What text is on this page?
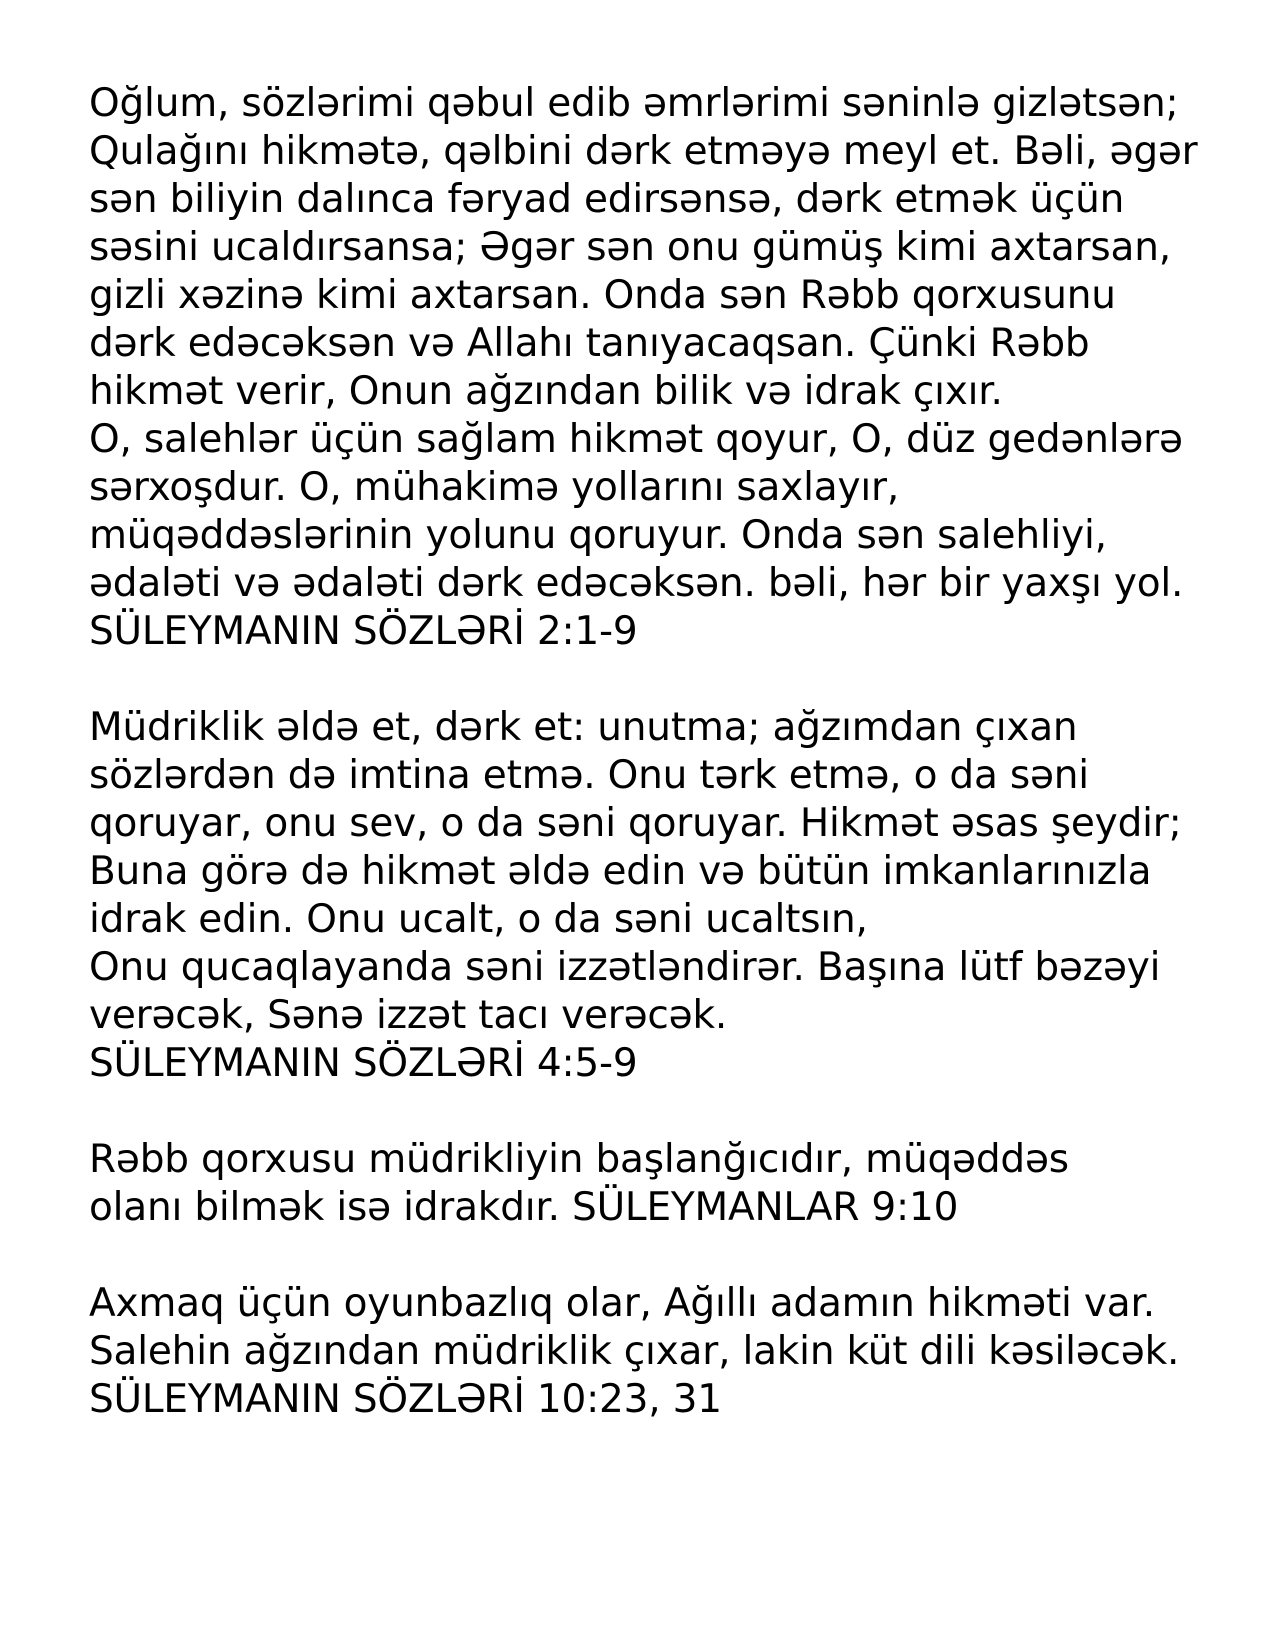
Oğlum, sözlərimi qəbul edib əmrlərimi səninlə gizlətsən;
Qulağını hikmətə, qəlbini dərk etməyə meyl et. Bəli, əgər
sən biliyin dalınca fəryad edirsənsə, dərk etmək üçün
səsini ucaldırsansa; Əgər sən onu gümüş kimi axtarsan,
gizli xəzinə kimi axtarsan. Onda sən Rəbb qorxusunu
dərk edəcəksən və Allahı tanıyacaqsan. Çünki Rəbb
hikmət verir, Onun ağzından bilik və idrak çıxır.
O, salehlər üçün sağlam hikmət qoyur, O, düz gedənlərə
sərxoşdur. O, mühakimə yollarını saxlayır,
müqəddəslərinin yolunu qoruyur. Onda sən salehliyi,
ədaləti və ədaləti dərk edəcəksən. bəli, hər bir yaxşı yol.
SÜLEYMANIN SÖZLƏRİ 2:1-9
Müdriklik əldə et, dərk et: unutma; ağzımdan çıxan
sözlərdən də imtina etmə. Onu tərk etmə, o da səni
qoruyar, onu sev, o da səni qoruyar. Hikmət əsas şeydir;
Buna görə də hikmət əldə edin və bütün imkanlarınızla
idrak edin. Onu ucalt, o da səni ucaltsın,
Onu qucaqlayanda səni izzətləndirər. Başına lütf bəzəyi
verəcək, Sənə izzət tacı verəcək.
SÜLEYMANIN SÖZLƏRİ 4:5-9
Rəbb qorxusu müdrikliyin başlanğıcıdır, müqəddəs
olanı bilmək isə idrakdır. SÜLEYMANLAR 9:10
Axmaq üçün oyunbazlıq olar, Ağıllı adamın hikməti var.
Salehin ağzından müdriklik çıxar, lakin küt dili kəsiləcək.
SÜLEYMANIN SÖZLƏRİ 10:23, 31
